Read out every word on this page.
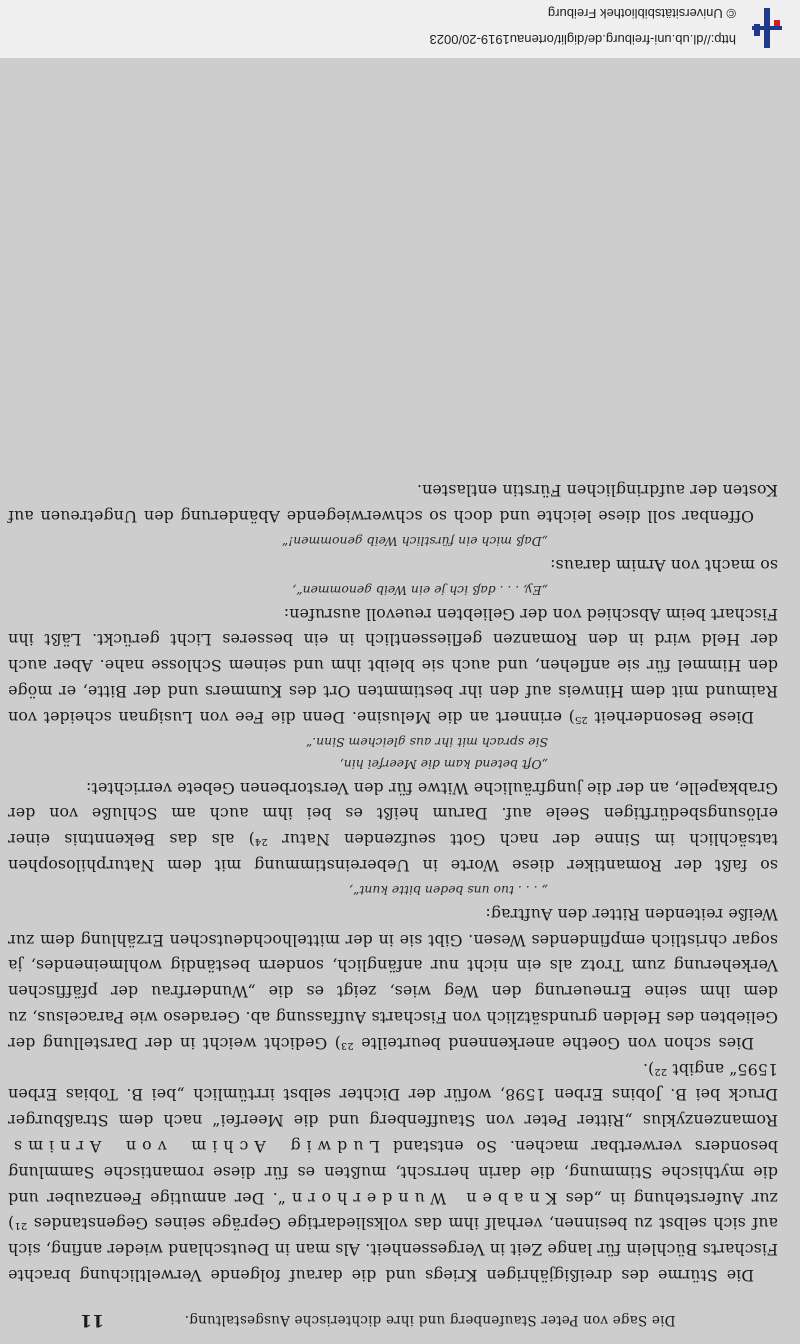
© Universitätsbibliothek Freiburg
http://dl.ub.uni-freiburg.de/diglit/ortenau1919-20/0023
Die Sage von Peter Staufenberg und ihre dichterische Ausgestaltung.
11

Die Stürme des dreißigjährigen Kriegs und die darauf folgende Verweltlichung brachte Fischarts Büchlein für lange Zeit in Vergessenheit. Als man in Deutschland wieder anfing, sich auf sich selbst zu besinnen, verhalf ihm das volksliedartige Gepräge seines Gegenstandes ²¹) zur Auferstehung in „des Knaben Wunderhorn“. Der anmutige Feenzauber und die mythische Stimmung, die darin herrscht, mußten es für diese romantische Sammlung besonders verwertbar machen. So entstand Ludwig Achim von Arnims Romanzenzyklus „Ritter Peter von Stauffenberg und die Meerfei“ nach dem Straßburger Druck bei B. Jobins Erben 1598, wofür der Dichter selbst irrtümlich „bei B. Tobias Erben 1595“ angibt ²²).

Dies schon von Goethe anerkennend beurteilte ²³) Gedicht weicht in der Darstellung der Geliebten des Helden grundsätzlich von Fischarts Auffassung ab. Geradeso wie Paracelsus, zu dem ihm seine Erneuerung den Weg wies, zeigt es die „Wunderfrau der pfäffischen Verkeherung zum Trotz als ein nicht nur anfänglich, sondern beständig wohlmeinendes, ja sogar christlich empfindendes Wesen. Gibt sie in der mittelhochdeutschen Erzählung dem zur Weiße reitenden Ritter den Auftrag:

„ . . . tuo uns beden bitte kunt“,

so faßt der Romantiker diese Worte in Uebereinstimmung mit dem Naturphilosophen tatsächlich im Sinne der nach Gott seufzenden Natur ²⁴) als das Bekenntnis einer erlösungsbedürftigen Seele auf. Darum heißt es bei ihm auch am Schluße von der Grabkapelle, an der die jungfräuliche Witwe für den Verstorbenen Gebete verrichtet:

„Oft betend kam die Meerfei hin,
Sie sprach mit ihr aus gleichem Sinn.“

Diese Besonderheit ²⁵) erinnert an die Melusine. Denn die Fee von Lusignan scheidet von Raimund mit dem Hinweis auf den ihr bestimmten Ort des Kummers und der Bitte, er möge den Himmel für sie anflehen, und auch sie bleibt ihm und seinem Schlosse nahe. Aber auch der Held wird in den Romanzen gefliessentlich in ein besseres Licht gerückt. Läßt ihn Fischart beim Abschied von der Geliebten reuevoll ausrufen:

„Ey, . . . daß ich je ein Weib genommen“,

so macht von Arnim daraus:

„Daß mich ein fürstlich Weib genommen!“

Offenbar soll diese leichte und doch so schwerwiegende Abänderung den Ungetreuen auf Kosten der aufdringlichen Fürstin entlasten.
